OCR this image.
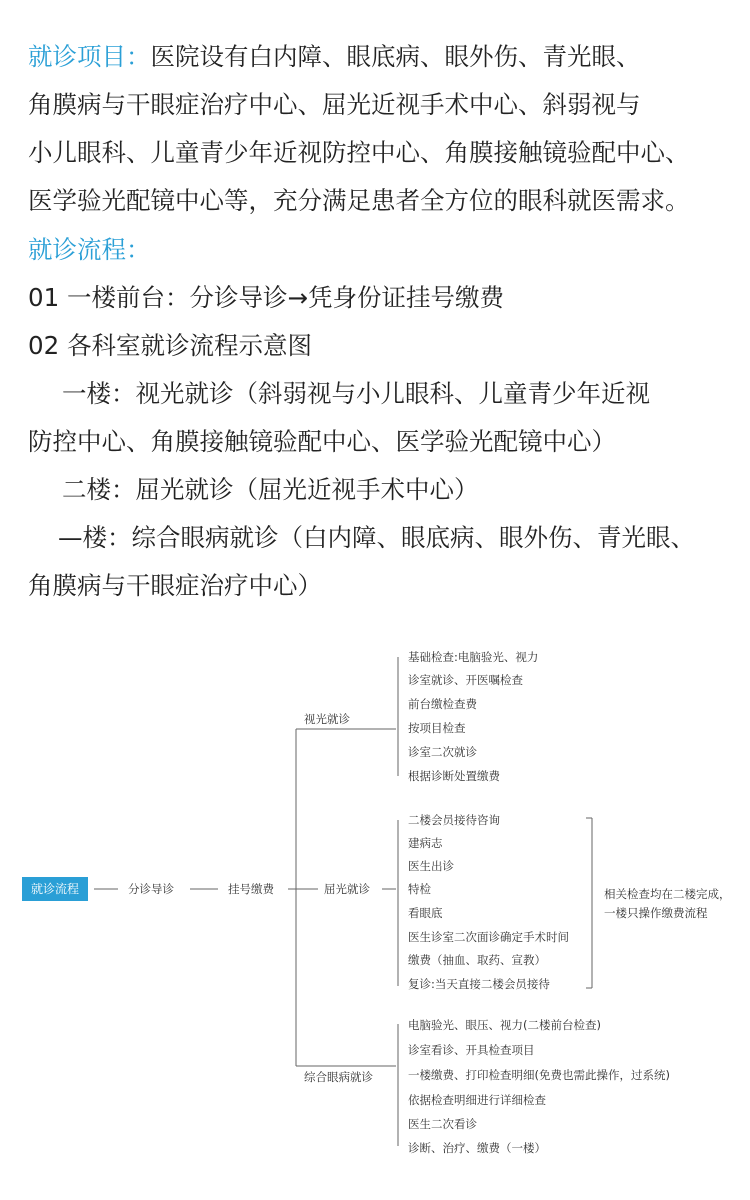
就诊项目：医院设有白内障、眼底病、眼外伤、青光眼、

角膜病与干眼症治疗中心、屈光近视手术中心、斜弱视与

小儿眼科、儿童青少年近视防控中心、角膜接触镜验配中心、

医学验光配镜中心等，充分满足患者全方位的眼科就医需求。

就诊流程：

01 一楼前台：分诊导诊→凭身份证挂号缴费

02 各科室就诊流程示意图

一楼：视光就诊（斜弱视与小儿眼科、儿童青少年近视

防控中心、角膜接触镜验配中心、医学验光配镜中心）

二楼：屈光就诊（屈光近视手术中心）

—楼：综合眼病就诊（白内障、眼底病、眼外伤、青光眼、

角膜病与干眼症治疗中心）

就诊流程	分诊导诊	挂号缴费
视光就诊
基础检查:电脑验光、视力
诊室就诊、开医嘱检查
前台缴检查费
按项目检查
诊室二次就诊
根据诊断处置缴费
屈光就诊
二楼会员接待咨询
建病志
医生出诊
特检
看眼底
医生诊室二次面诊确定手术时间
缴费（抽血、取药、宣教）
复诊:当天直接二楼会员接待
相关检查均在二楼完成，
一楼只操作缴费流程
综合眼病就诊
电脑验光、眼压、视力(二楼前台检查)
诊室看诊、开具检查项目
一楼缴费、打印检查明细(免费也需此操作，过系统)
依据检查明细进行详细检查
医生二次看诊
诊断、治疗、缴费（一楼）
